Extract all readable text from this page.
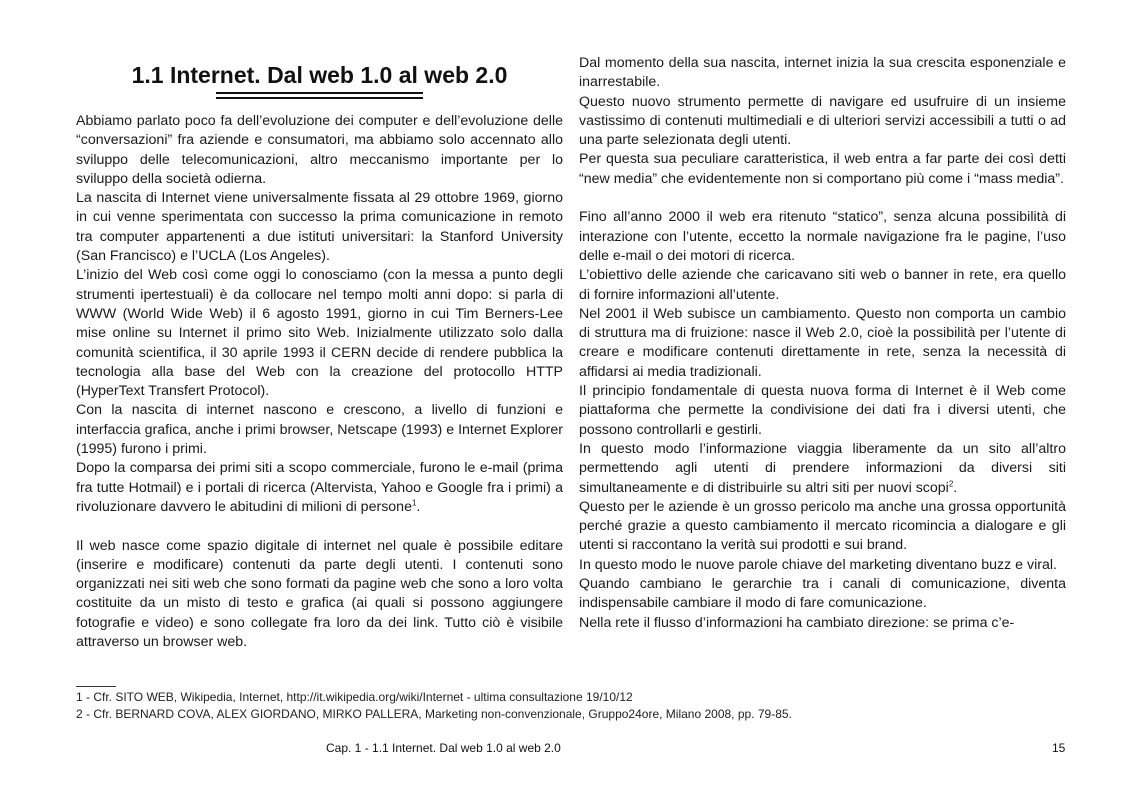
1.1 Internet. Dal web 1.0 al web 2.0

Abbiamo parlato poco fa dell’evoluzione dei computer e dell’evoluzione delle “conversazioni” fra aziende e consumatori, ma abbiamo solo accennato allo sviluppo delle telecomunicazioni, altro meccanismo importante per lo sviluppo della società odierna.

La nascita di Internet viene universalmente fissata al 29 ottobre 1969, giorno in cui venne sperimentata con successo la prima comunicazione in remoto tra computer appartenenti a due istituti universitari: la Stanford University (San Francisco) e l’UCLA (Los Angeles).

L’inizio del Web così come oggi lo conosciamo (con la messa a punto degli strumenti ipertestuali) è da collocare nel tempo molti anni dopo: si parla di WWW (World Wide Web) il 6 agosto 1991, giorno in cui Tim Berners-Lee mise online su Internet il primo sito Web. Inizialmente utilizzato solo dalla comunità scientifica, il 30 aprile 1993 il CERN decide di rendere pubblica la tecnologia alla base del Web con la creazione del protocollo HTTP (HyperText Transfert Protocol).

Con la nascita di internet nascono e crescono, a livello di funzioni e interfaccia grafica, anche i primi browser, Netscape (1993) e Internet Explorer (1995) furono i primi.

Dopo la comparsa dei primi siti a scopo commerciale, furono le e-mail (prima fra tutte Hotmail) e i portali di ricerca (Altervista, Yahoo e Google fra i primi) a rivoluzionare davvero le abitudini di milioni di persone$^1$.

Il web nasce come spazio digitale di internet nel quale è possibile editare (inserire e modificare) contenuti da parte degli utenti. I contenuti sono organizzati nei siti web che sono formati da pagine web che sono a loro volta costituite da un misto di testo e grafica (ai quali si possono aggiungere fotografie e video) e sono collegate fra loro da dei link. Tutto ciò è visibile attraverso un browser web.

Dal momento della sua nascita, internet inizia la sua crescita esponenziale e inarrestabile.

Questo nuovo strumento permette di navigare ed usufruire di un insieme vastissimo di contenuti multimediali e di ulteriori servizi accessibili a tutti o ad una parte selezionata degli utenti.

Per questa sua peculiare caratteristica, il web entra a far parte dei così detti “new media” che evidentemente non si comportano più come i “mass media”.

Fino all’anno 2000 il web era ritenuto “statico”, senza alcuna possibilità di interazione con l’utente, eccetto la normale navigazione fra le pagine, l’uso delle e-mail o dei motori di ricerca.

L’obiettivo delle aziende che caricavano siti web o banner in rete, era quello di fornire informazioni all’utente.

Nel 2001 il Web subisce un cambiamento. Questo non comporta un cambio di struttura ma di fruizione: nasce il Web 2.0, cioè la possibilità per l’utente di creare e modificare contenuti direttamente in rete, senza la necessità di affidarsi ai media tradizionali.

Il principio fondamentale di questa nuova forma di Internet è il Web come piattaforma che permette la condivisione dei dati fra i diversi utenti, che possono controllarli e gestirli.

In questo modo l’informazione viaggia liberamente da un sito all’altro permettendo agli utenti di prendere informazioni da diversi siti simultaneamente e di distribuirle su altri siti per nuovi scopi$^2$.

Questo per le aziende è un grosso pericolo ma anche una grossa opportunità perché grazie a questo cambiamento il mercato ricomincia a dialogare e gli utenti si raccontano la verità sui prodotti e sui brand.

In questo modo le nuove parole chiave del marketing diventano buzz e viral.

Quando cambiano le gerarchie tra i canali di comunicazione, diventa indispensabile cambiare il modo di fare comunicazione.

Nella rete il flusso d’informazioni ha cambiato direzione: se prima c’e-

1 - Cfr. SITO WEB, Wikipedia, Internet, http://it.wikipedia.org/wiki/Internet - ultima consultazione 19/10/12
2 - Cfr. BERNARD COVA, ALEX GIORDANO, MIRKO PALLERA, Marketing non-convenzionale, Gruppo24ore, Milano 2008, pp. 79-85.
Cap. 1 - 1.1 Internet. Dal web 1.0 al web 2.0	15
